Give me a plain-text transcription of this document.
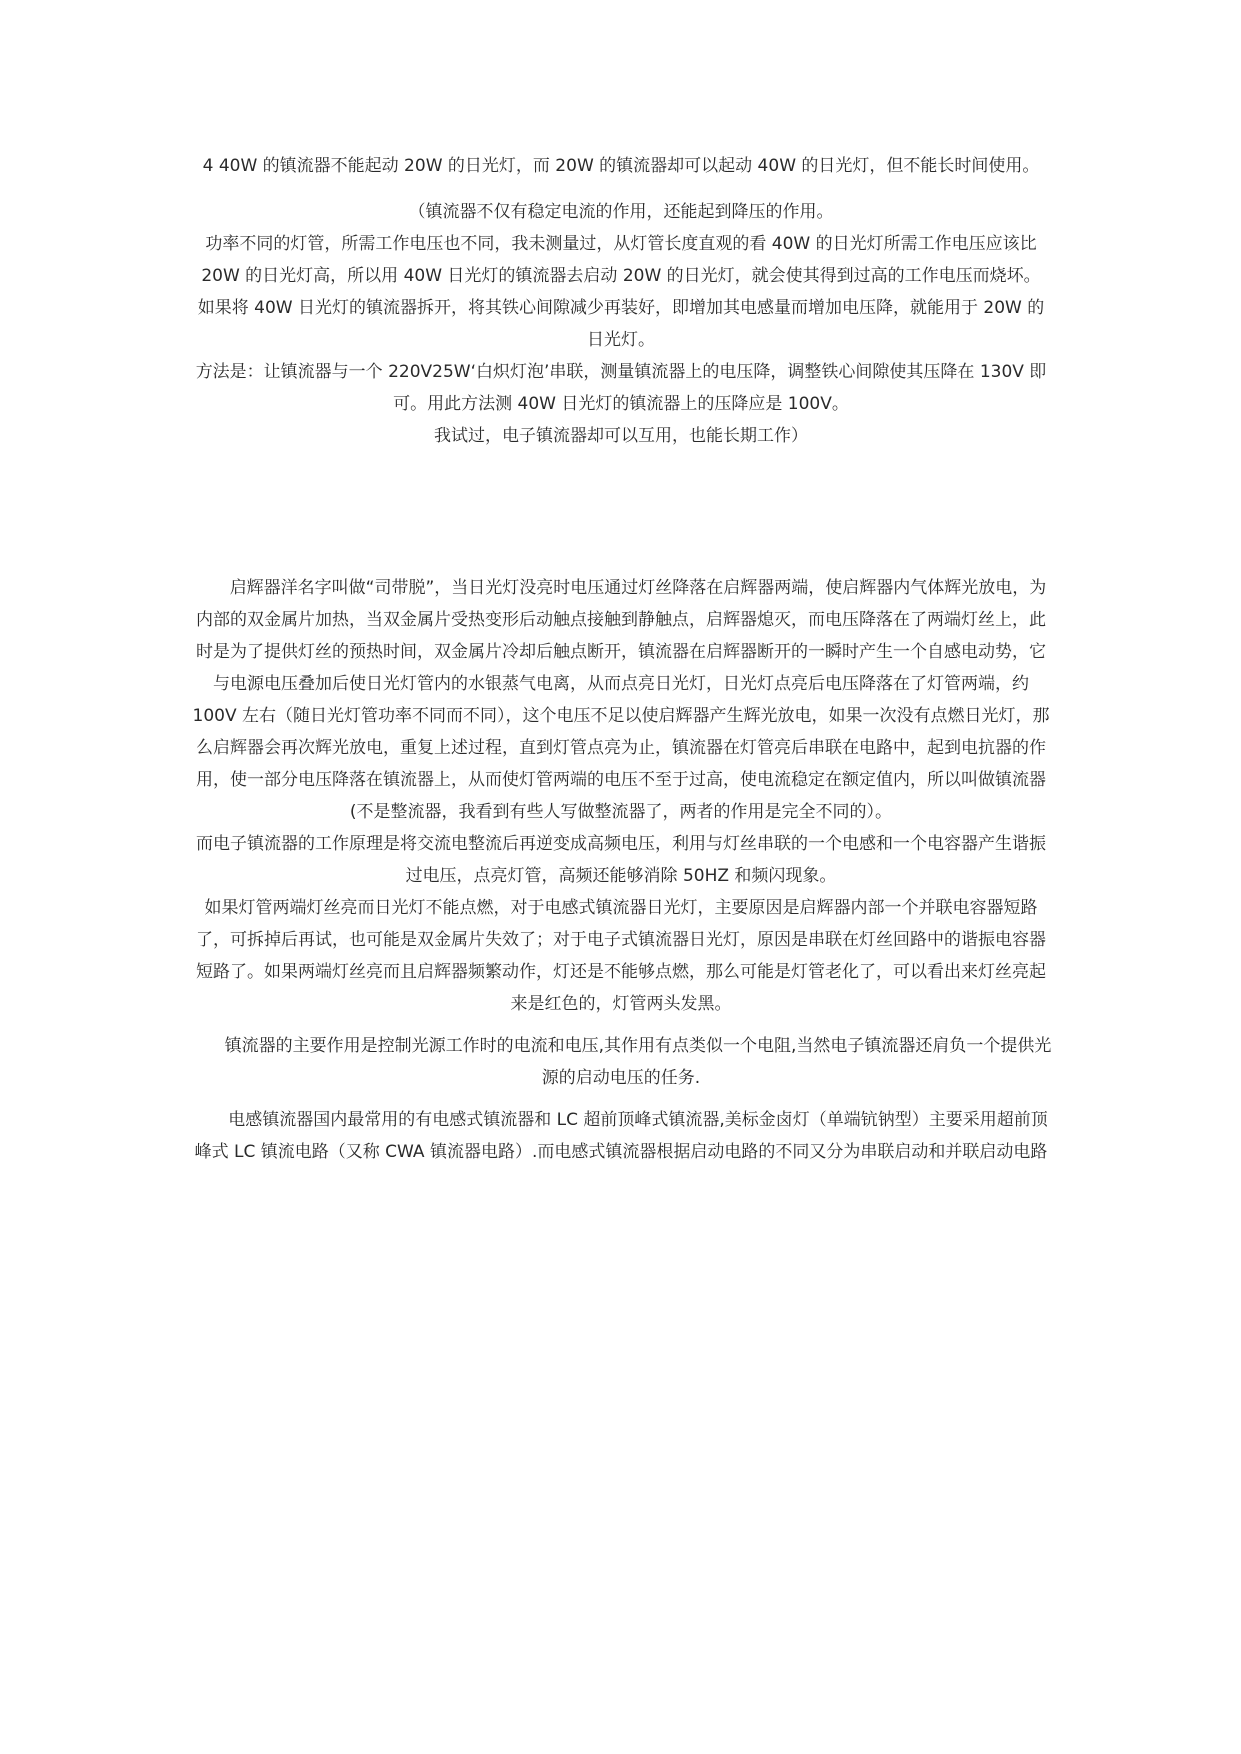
4 40W 的镇流器不能起动 20W 的日光灯，而 20W 的镇流器却可以起动 40W 的日光灯，但不能长时间使用。

（镇流器不仅有稳定电流的作用，还能起到降压的作用。

功率不同的灯管，所需工作电压也不同，我未测量过，从灯管长度直观的看 40W 的日光灯所需工作电压应该比 20W 的日光灯高，所以用 40W 日光灯的镇流器去启动 20W 的日光灯，就会使其得到过高的工作电压而烧坏。

如果将 40W 日光灯的镇流器拆开，将其铁心间隙减少再装好，即增加其电感量而增加电压降，就能用于 20W 的日光灯。

方法是：让镇流器与一个 220V25W‘白炽灯泡’串联，测量镇流器上的电压降，调整铁心间隙使其压降在 130V 即可。用此方法测 40W 日光灯的镇流器上的压降应是 100V。

我试过，电子镇流器却可以互用，也能长期工作）

启辉器洋名字叫做“司带脱”，当日光灯没亮时电压通过灯丝降落在启辉器两端，使启辉器内气体辉光放电，为内部的双金属片加热，当双金属片受热变形后动触点接触到静触点，启辉器熄灭，而电压降落在了两端灯丝上，此时是为了提供灯丝的预热时间，双金属片冷却后触点断开，镇流器在启辉器断开的一瞬时产生一个自感电动势，它与电源电压叠加后使日光灯管内的水银蒸气电离，从而点亮日光灯，日光灯点亮后电压降落在了灯管两端，约 100V 左右（随日光灯管功率不同而不同），这个电压不足以使启辉器产生辉光放电，如果一次没有点燃日光灯，那么启辉器会再次辉光放电，重复上述过程，直到灯管点亮为止，镇流器在灯管亮后串联在电路中，起到电抗器的作用，使一部分电压降落在镇流器上，从而使灯管两端的电压不至于过高，使电流稳定在额定值内，所以叫做镇流器(不是整流器，我看到有些人写做整流器了，两者的作用是完全不同的）。

而电子镇流器的工作原理是将交流电整流后再逆变成高频电压，利用与灯丝串联的一个电感和一个电容器产生谐振过电压，点亮灯管，高频还能够消除 50HZ 和频闪现象。

如果灯管两端灯丝亮而日光灯不能点燃，对于电感式镇流器日光灯，主要原因是启辉器内部一个并联电容器短路了，可拆掉后再试，也可能是双金属片失效了；对于电子式镇流器日光灯，原因是串联在灯丝回路中的谐振电容器短路了。如果两端灯丝亮而且启辉器频繁动作，灯还是不能够点燃，那么可能是灯管老化了，可以看出来灯丝亮起来是红色的，灯管两头发黑。

镇流器的主要作用是控制光源工作时的电流和电压,其作用有点类似一个电阻,当然电子镇流器还肩负一个提供光源的启动电压的任务.

电感镇流器国内最常用的有电感式镇流器和 LC 超前顶峰式镇流器,美标金卤灯（单端钪钠型）主要采用超前顶峰式 LC 镇流电路（又称 CWA 镇流器电路）.而电感式镇流器根据启动电路的不同又分为串联启动和并联启动电路
